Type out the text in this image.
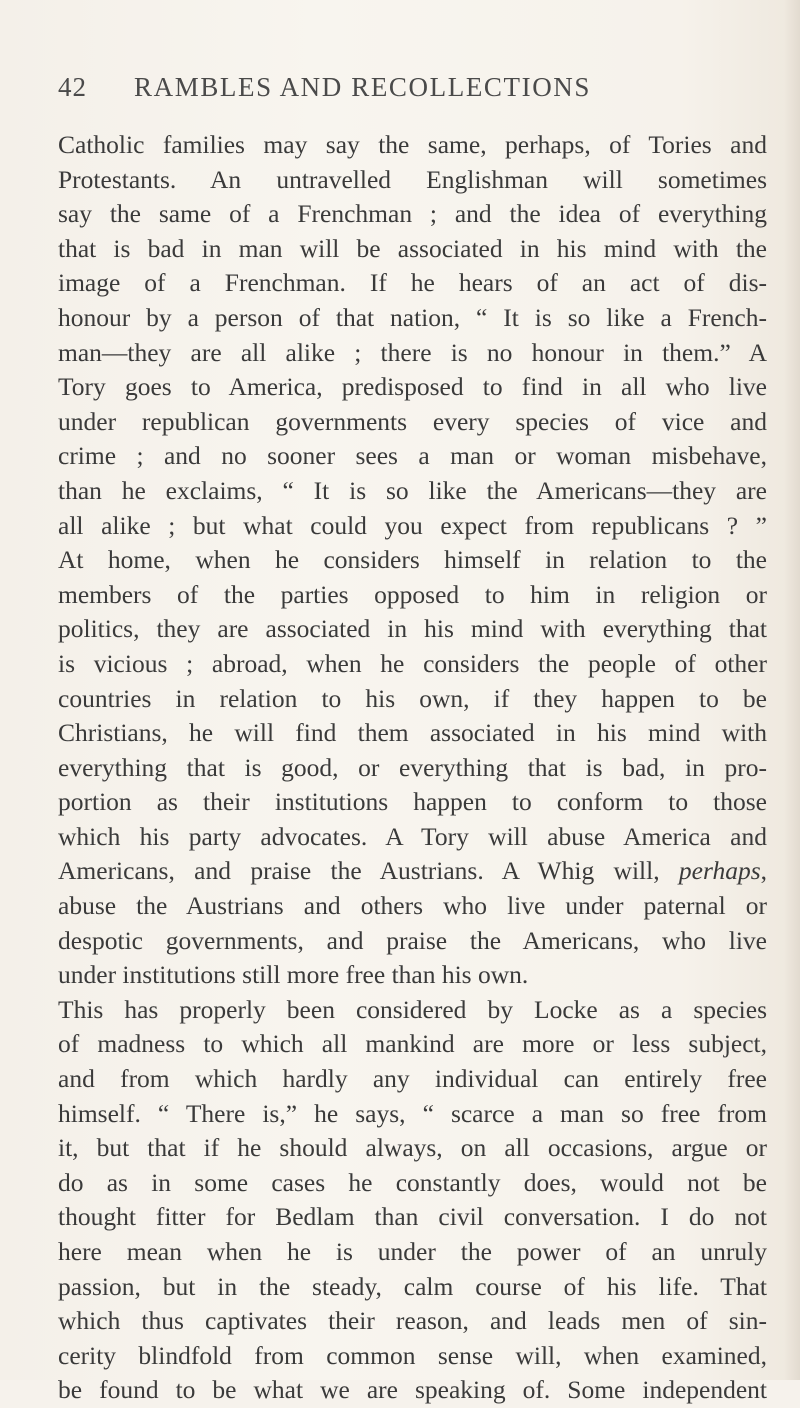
42 RAMBLES AND RECOLLECTIONS
Catholic families may say the same, perhaps, of Tories and
Protestants. An untravelled Englishman will sometimes
say the same of a Frenchman ; and the idea of everything
that is bad in man will be associated in his mind with the
image of a Frenchman. If he hears of an act of dis-
honour by a person of that nation, “ It is so like a French-
man—they are all alike ; there is no honour in them.” A
Tory goes to America, predisposed to find in all who live
under republican governments every species of vice and
crime ; and no sooner sees a man or woman misbehave,
than he exclaims, “ It is so like the Americans—they are
all alike ; but what could you expect from republicans ? ”
At home, when he considers himself in relation to the
members of the parties opposed to him in religion or
politics, they are associated in his mind with everything that
is vicious ; abroad, when he considers the people of other
countries in relation to his own, if they happen to be
Christians, he will find them associated in his mind with
everything that is good, or everything that is bad, in pro-
portion as their institutions happen to conform to those
which his party advocates. A Tory will abuse America and
Americans, and praise the Austrians. A Whig will, perhaps,
abuse the Austrians and others who live under paternal or
despotic governments, and praise the Americans, who live
under institutions still more free than his own.
This has properly been considered by Locke as a species
of madness to which all mankind are more or less subject,
and from which hardly any individual can entirely free
himself. “ There is,” he says, “ scarce a man so free from
it, but that if he should always, on all occasions, argue or
do as in some cases he constantly does, would not be
thought fitter for Bedlam than civil conversation. I do not
here mean when he is under the power of an unruly
passion, but in the steady, calm course of his life. That
which thus captivates their reason, and leads men of sin-
cerity blindfold from common sense will, when examined,
be found to be what we are speaking of. Some independent
